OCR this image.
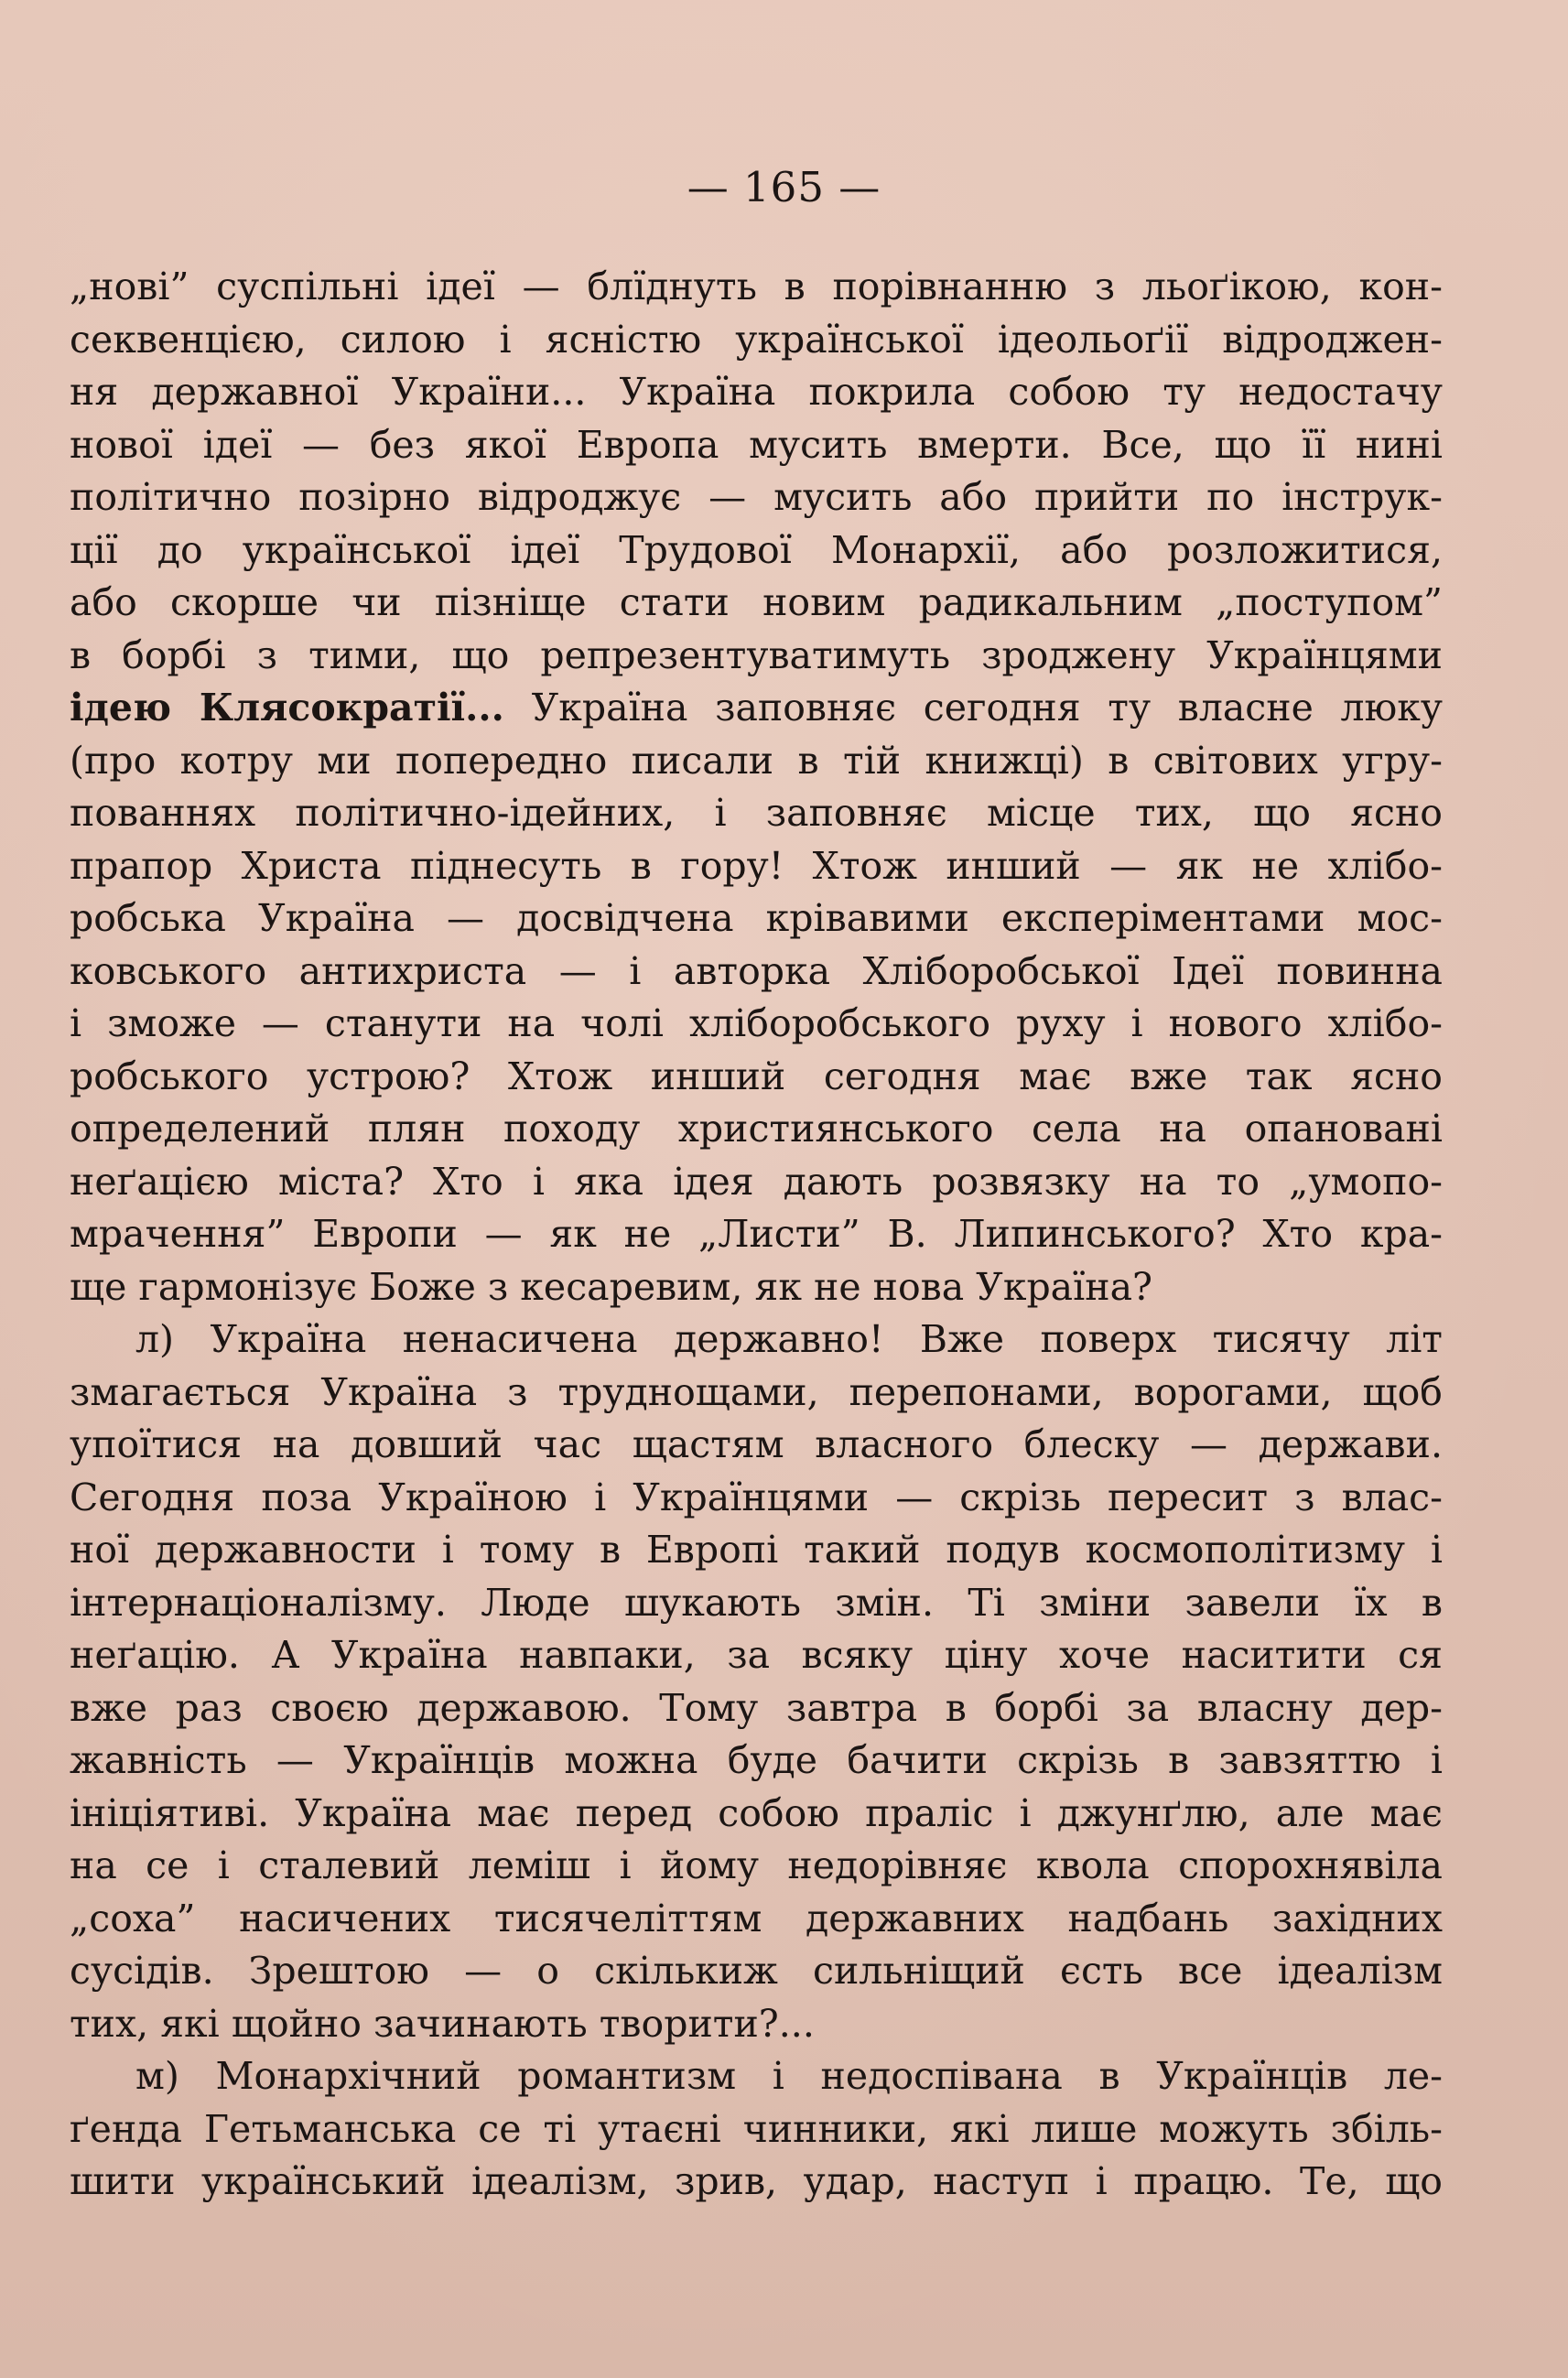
— 165 —
„нові” суспільні ідеї — блїднуть в порівнанню з льоґікою, кон-
секвенцією, силою і ясністю української ідеольоґії відроджен-
ня державної України... Україна покрила собою ту недостачу
нової ідеї — без якої Европа мусить вмерти. Все, що її нині
політично позірно відроджує — мусить або прийти по інструк-
ції до української ідеї Трудової Монархії, або розложитися,
або скорше чи пізніще стати новим радикальним „поступом”
в борбі з тими, що репрезентуватимуть зроджену Українцями
ідею Клясократії... Україна заповняє сегодня ту власне люку
(про котру ми попередно писали в тій книжці) в світових угру-
пованнях політично-ідейних, і заповняє місце тих, що ясно
прапор Христа піднесуть в гору! Хтож инший — як не хлібо-
робська Україна — досвідчена крівавими експеріментами мос-
ковського антихриста — і авторка Хліборобської Ідеї повинна
і зможе — станути на чолі хліборобського руху і нового хлібо-
робського устрою? Хтож инший сегодня має вже так ясно
определений плян походу християнського села на опановані
неґацією міста? Хто і яка ідея дають розвязку на то „умопо-
мрачення” Европи — як не „Листи” В. Липинського? Хто кра-
ще гармонізує Боже з кесаревим, як не нова Україна?
л) Україна ненасичена державно! Вже поверх тисячу літ
змагається Україна з труднощами, перепонами, ворогами, щоб
упоїтися на довший час щастям власного блеску — держави.
Сегодня поза Україною і Українцями — скрізь пересит з влас-
ної державности і тому в Европі такий подув космополітизму і
інтернаціоналізму. Люде шукають змін. Ті зміни завели їх в
неґацію. А Україна навпаки, за всяку ціну хоче наситити ся
вже раз своєю державою. Тому завтра в борбі за власну дер-
жавність — Українців можна буде бачити скрізь в завзяттю і
ініціятиві. Україна має перед собою праліс і джунґлю, але має
на се і сталевий леміш і йому недорівняє квола спорохнявіла
„соха” насичених тисячеліттям державних надбань західних
сусідів. Зрештою — о скількиж сильніщий єсть все ідеалізм
тих, які щойно зачинають творити?...
м) Монархічний романтизм і недоспівана в Українців ле-
ґенда Гетьманська се ті утаєні чинники, які лише можуть збіль-
шити український ідеалізм, зрив, удар, наступ і працю. Те, що
